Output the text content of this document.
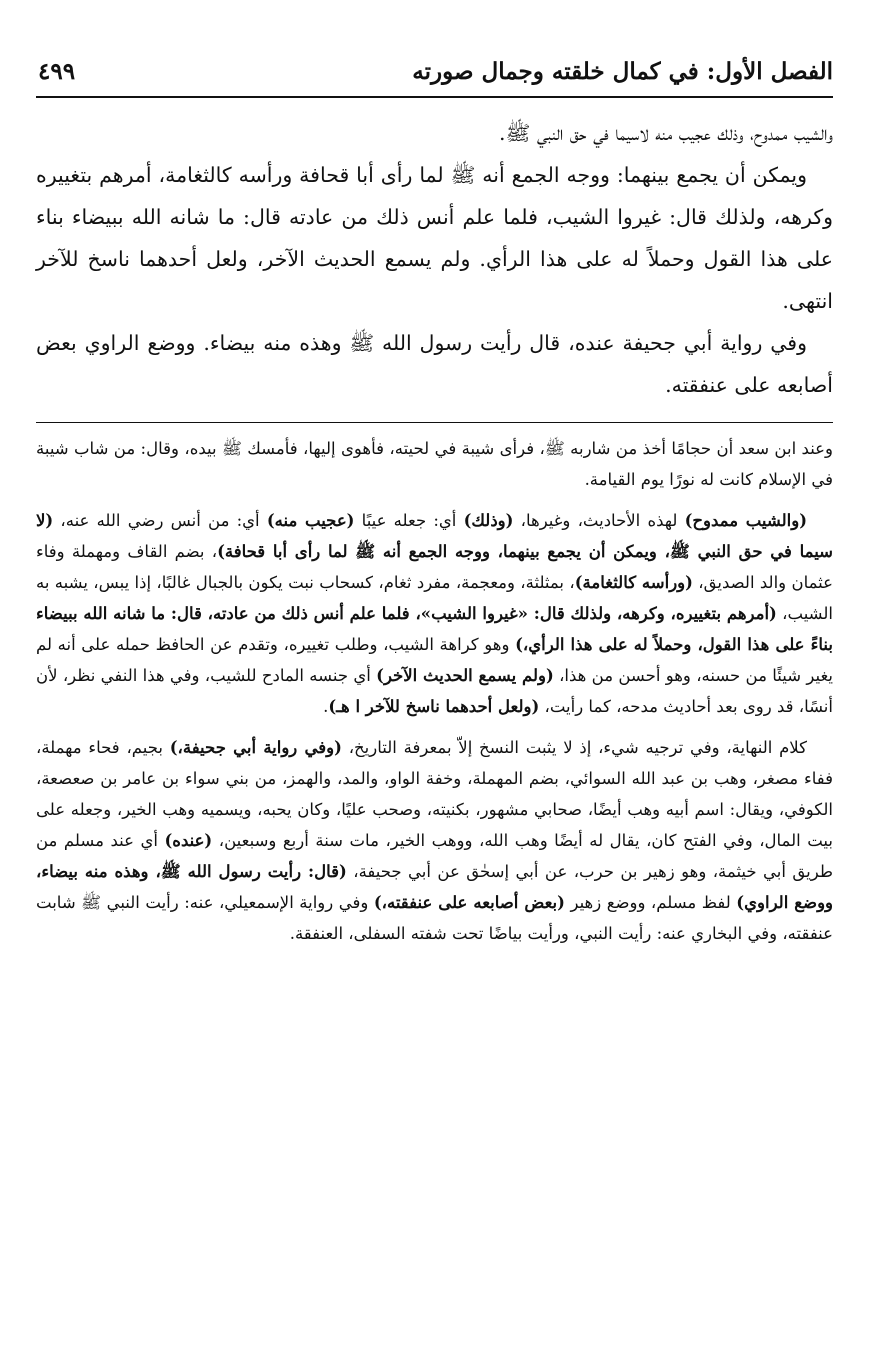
الفصل الأول: في كمال خلقته وجمال صورته
٤٩٩

والشيب ممدوح، وذلك عجيب منه لاسيما في حق النبي ﷺ.

ويمكن أن يجمع بينهما: ووجه الجمع أنه ﷺ لما رأى أبا قحافة ورأسه كالثغامة، أمرهم بتغييره وكرهه، ولذلك قال: غيروا الشيب، فلما علم أنس ذلك من عادته قال: ما شانه الله ببيضاء بناء على هذا القول وحملاً له على هذا الرأي. ولم يسمع الحديث الآخر، ولعل أحدهما ناسخ للآخر انتهى.

وفي رواية أبي جحيفة عنده، قال رأيت رسول الله ﷺ وهذه منه بيضاء. ووضع الراوي بعض أصابعه على عنفقته.

وعند ابن سعد أن حجامًا أخذ من شاربه ﷺ، فرأى شيبة في لحيته، فأهوى إليها، فأمسك ﷺ بيده، وقال: من شاب شيبة في الإسلام كانت له نورًا يوم القيامة.

(والشيب ممدوح) لهذه الأحاديث، وغيرها، (وذلك) أي: جعله عيبًا (عجيب منه) أي: من أنس رضي الله عنه، (لا سيما في حق النبي ﷺ، ويمكن أن يجمع بينهما، ووجه الجمع أنه ﷺ لما رأى أبا قحافة)، بضم القاف ومهملة وفاء عثمان والد الصديق، (ورأسه كالثغامة)، بمثلثة، ومعجمة، مفرد ثغام، كسحاب نبت يكون بالجبال غالبًا، إذا يبس، يشبه به الشيب، (أمرهم بتغييره، وكرهه، ولذلك قال: «غيروا الشيب»، فلما علم أنس ذلك من عادته، قال: ما شانه الله ببيضاء بناءً على هذا القول، وحملاً له على هذا الرأي،) وهو كراهة الشيب، وطلب تغييره، وتقدم عن الحافظ حمله على أنه لم يغير شيئًا من حسنه، وهو أحسن من هذا، (ولم يسمع الحديث الآخر) أي جنسه المادح للشيب، وفي هذا النفي نظر، لأن أنسًا، قد روى بعد أحاديث مدحه، كما رأيت، (ولعل أحدهما ناسخ للآخر ا هـ).

كلام النهاية، وفي ترجيه شيء، إذ لا يثبت النسخ إلاّ بمعرفة التاريخ، (وفي رواية أبي جحيفة،) بجيم، فحاء مهملة، ففاء مصغر، وهب بن عبد الله السوائي، بضم المهملة، وخفة الواو، والمد، والهمز، من بني سواء بن عامر بن صعصعة، الكوفي، ويقال: اسم أبيه وهب أيضًا، صحابي مشهور، بكنيته، وصحب عليًا، وكان يحبه، ويسميه وهب الخير، وجعله على بيت المال، وفي الفتح كان، يقال له أيضًا وهب الله، ووهب الخير، مات سنة أربع وسبعين، (عنده) أي عند مسلم من طريق أبي خيثمة، وهو زهير بن حرب، عن أبي إسحٰق عن أبي جحيفة، (قال: رأيت رسول الله ﷺ، وهذه منه بيضاء، ووضع الراوي) لفظ مسلم، ووضع زهير (بعض أصابعه على عنفقته،) وفي رواية الإسمعيلي، عنه: رأيت النبي ﷺ شابت عنفقته، وفي البخاري عنه: رأيت النبي، ورأيت بياضًا تحت شفته السفلى، العنفقة.
